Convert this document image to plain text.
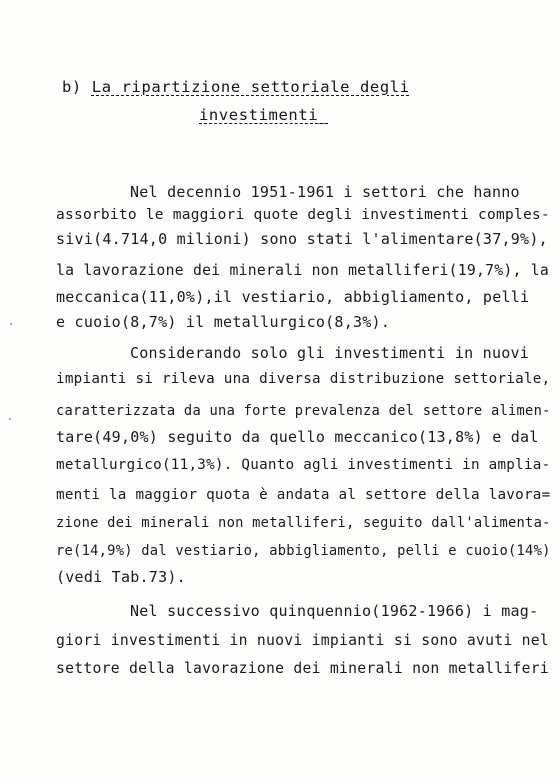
b) La ripartizione settoriale degli
investimenti_
Nel decennio 1951-1961 i settori che hanno
assorbito le maggiori quote degli investimenti comples-
sivi(4.714,0 milioni) sono stati l'alimentare(37,9%),
la lavorazione dei minerali non metalliferi(19,7%), la
meccanica(11,0%),il vestiario, abbigliamento, pelli
e cuoio(8,7%) il metallurgico(8,3%).
Considerando solo gli investimenti in nuovi
impianti si rileva una diversa distribuzione settoriale,
caratterizzata da una forte prevalenza del settore alimen-
tare(49,0%) seguito da quello meccanico(13,8%) e dal
metallurgico(11,3%). Quanto agli investimenti in amplia-
menti la maggior quota è andata al settore della lavora=
zione dei minerali non metalliferi, seguito dall'alimenta-
re(14,9%) dal vestiario, abbigliamento, pelli e cuoio(14%)
(vedi Tab.73).
Nel successivo quinquennio(1962-1966) i mag-
giori investimenti in nuovi impianti si sono avuti nel
settore della lavorazione dei minerali non metalliferi
